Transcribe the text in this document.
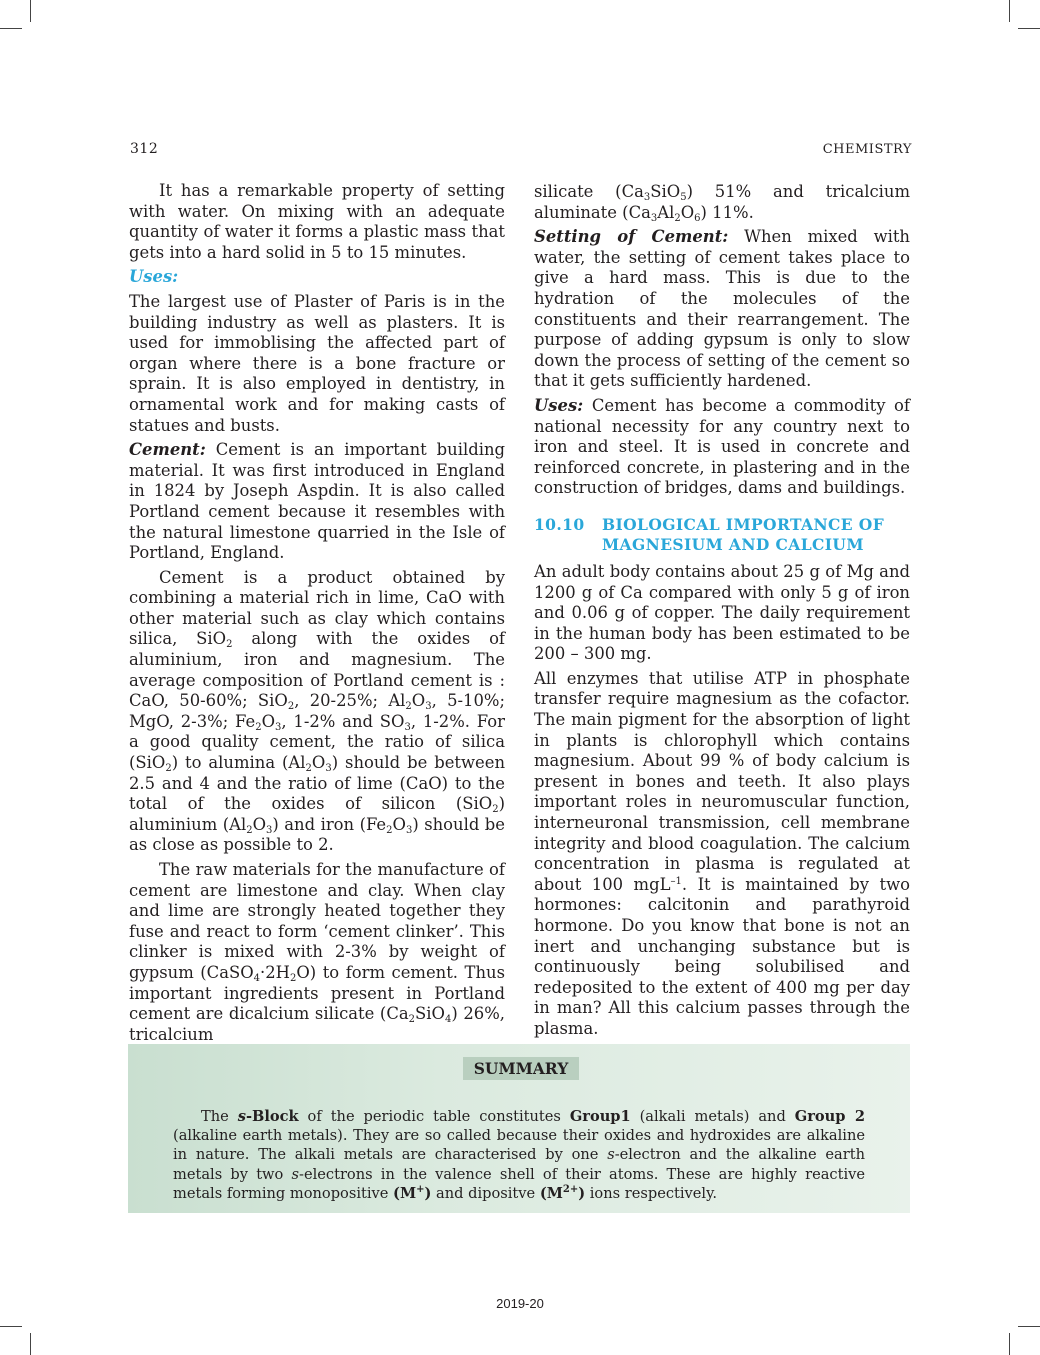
312	CHEMISTRY

It has a remarkable property of setting with water. On mixing with an adequate quantity of water it forms a plastic mass that gets into a hard solid in 5 to 15 minutes.

Uses:

The largest use of Plaster of Paris is in the building industry as well as plasters. It is used for immoblising the affected part of organ where there is a bone fracture or sprain. It is also employed in dentistry, in ornamental work and for making casts of statues and busts.

Cement: Cement is an important building material. It was first introduced in England in 1824 by Joseph Aspdin. It is also called Portland cement because it resembles with the natural limestone quarried in the Isle of Portland, England.

Cement is a product obtained by combining a material rich in lime, CaO with other material such as clay which contains silica, SiO$_2$ along with the oxides of aluminium, iron and magnesium. The average composition of Portland cement is : CaO, 50-60%; SiO$_2$, 20-25%; $Al_2O_3$, 5-10%; MgO, 2-3%; $Fe_2O_3$, 1-2% and $SO_3$, 1-2%. For a good quality cement, the ratio of silica (SiO$_2$) to alumina $(Al_2O_3)$ should be between 2.5 and 4 and the ratio of lime (CaO) to the total of the oxides of silicon (SiO$_2$) aluminium $(Al_2O_3)$ and iron $(Fe_2O_3)$ should be as close as possible to 2.

The raw materials for the manufacture of cement are limestone and clay. When clay and lime are strongly heated together they fuse and react to form ‘cement clinker’. This clinker is mixed with 2-3% by weight of gypsum $(CaSO_4\cdot 2H_2O)$ to form cement. Thus important ingredients present in Portland cement are dicalcium silicate $(Ca_2SiO_4)$ 26%, tricalcium

silicate $(Ca_3SiO_5)$ 51% and tricalcium aluminate $(Ca_3Al_2O_6)$ 11%.

Setting of Cement: When mixed with water, the setting of cement takes place to give a hard mass. This is due to the hydration of the molecules of the constituents and their rearrangement. The purpose of adding gypsum is only to slow down the process of setting of the cement so that it gets sufficiently hardened.

Uses: Cement has become a commodity of national necessity for any country next to iron and steel. It is used in concrete and reinforced concrete, in plastering and in the construction of bridges, dams and buildings.

10.10	BIOLOGICAL IMPORTANCE OF MAGNESIUM AND CALCIUM

An adult body contains about 25 g of Mg and 1200 g of Ca compared with only 5 g of iron and 0.06 g of copper. The daily requirement in the human body has been estimated to be 200 – 300 mg.

All enzymes that utilise ATP in phosphate transfer require magnesium as the cofactor. The main pigment for the absorption of light in plants is chlorophyll which contains magnesium. About 99 % of body calcium is present in bones and teeth. It also plays important roles in neuromuscular function, interneuronal transmission, cell membrane integrity and blood coagulation. The calcium concentration in plasma is regulated at about 100 mgL$^{-1}$. It is maintained by two hormones: calcitonin and parathyroid hormone. Do you know that bone is not an inert and unchanging substance but is continuously being solubilised and redeposited to the extent of 400 mg per day in man? All this calcium passes through the plasma.

SUMMARY
The s-Block of the periodic table constitutes Group1 (alkali metals) and Group 2 (alkaline earth metals). They are so called because their oxides and hydroxides are alkaline in nature. The alkali metals are characterised by one s-electron and the alkaline earth metals by two s-electrons in the valence shell of their atoms. These are highly reactive metals forming monopositive (M+) and dipositve $(M^{2+})$ ions respectively.
2019-20
